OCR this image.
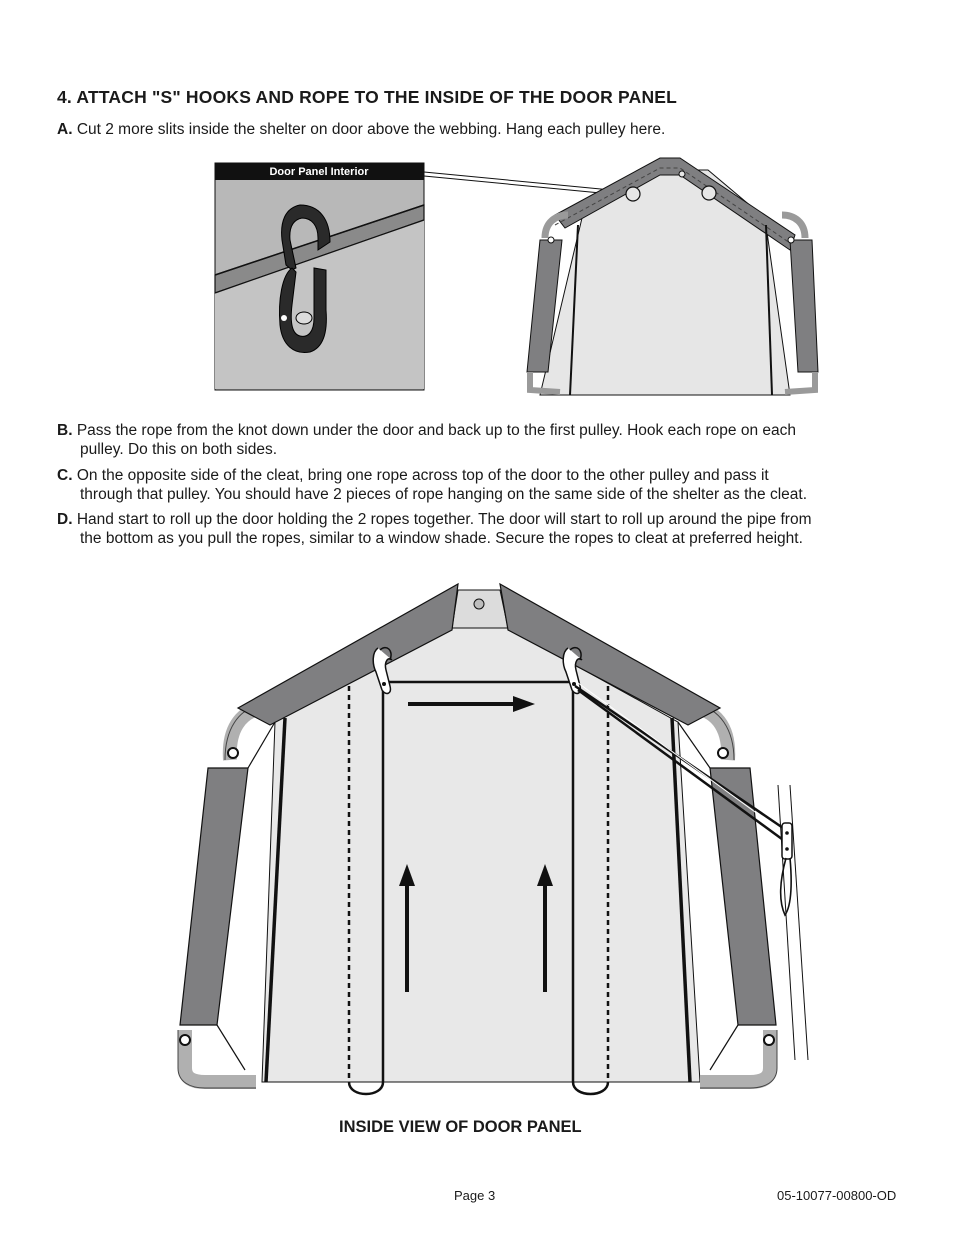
4. ATTACH "S" HOOKS AND ROPE TO THE INSIDE OF THE DOOR PANEL
A. Cut 2 more slits inside the shelter on door above the webbing. Hang each pulley here.
Door Panel Interior
B. Pass the rope from the knot down under the door and back up to the first pulley. Hook each rope on each
pulley. Do this on both sides.
C. On the opposite side of the cleat, bring one rope across top of the door to the other pulley and pass it
through that pulley. You should have 2 pieces of rope hanging on the same side of the shelter as the cleat.
D. Hand start to roll up the door holding the 2 ropes together. The door will start to roll up around the pipe from
the bottom as you pull the ropes, similar to a window shade. Secure the ropes to cleat at preferred height.
INSIDE VIEW OF DOOR PANEL
Page 3	05-10077-00800-OD
